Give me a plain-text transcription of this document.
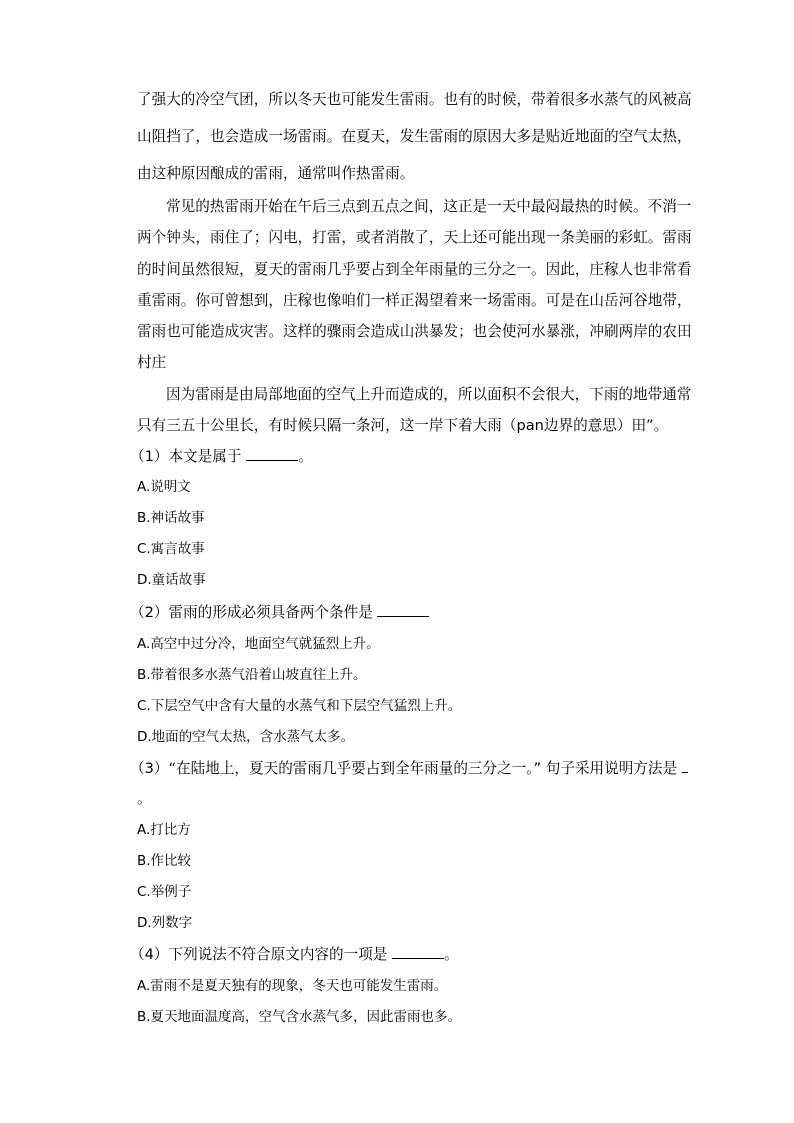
了强大的冷空气团，所以冬天也可能发生雷雨。也有的时候，带着很多水蒸气的风被高
山阻挡了，也会造成一场雷雨。在夏天，发生雷雨的原因大多是贴近地面的空气太热，
由这种原因酿成的雷雨，通常叫作热雷雨。
常见的热雷雨开始在午后三点到五点之间，这正是一天中最闷最热的时候。不消一
两个钟头，雨住了；闪电，打雷，或者消散了，天上还可能出现一条美丽的彩虹。雷雨
的时间虽然很短，夏天的雷雨几乎要占到全年雨量的三分之一。因此，庄稼人也非常看
重雷雨。你可曾想到，庄稼也像咱们一样正渴望着来一场雷雨。可是在山岳河谷地带，
雷雨也可能造成灾害。这样的骤雨会造成山洪暴发；也会使河水暴涨，冲刷两岸的农田
村庄
因为雷雨是由局部地面的空气上升而造成的，所以面积不会很大，下雨的地带通常
只有三五十公里长，有时候只隔一条河，这一岸下着大雨（pan边界的意思）田”。
（1）本文是属于	。
A.说明文
B.神话故事
C.寓言故事
D.童话故事
（2）雷雨的形成必须具备两个条件是
A.高空中过分冷，地面空气就猛烈上升。
B.带着很多水蒸气沿着山坡直往上升。
C.下层空气中含有大量的水蒸气和下层空气猛烈上升。
D.地面的空气太热，含水蒸气太多。
（3）“在陆地上，夏天的雷雨几乎要占到全年雨量的三分之一。” 句子采用说明方法是
。
A.打比方
B.作比较
C.举例子
D.列数字
（4）下列说法不符合原文内容的一项是	。
A.雷雨不是夏天独有的现象，冬天也可能发生雷雨。
B.夏天地面温度高，空气含水蒸气多，因此雷雨也多。
